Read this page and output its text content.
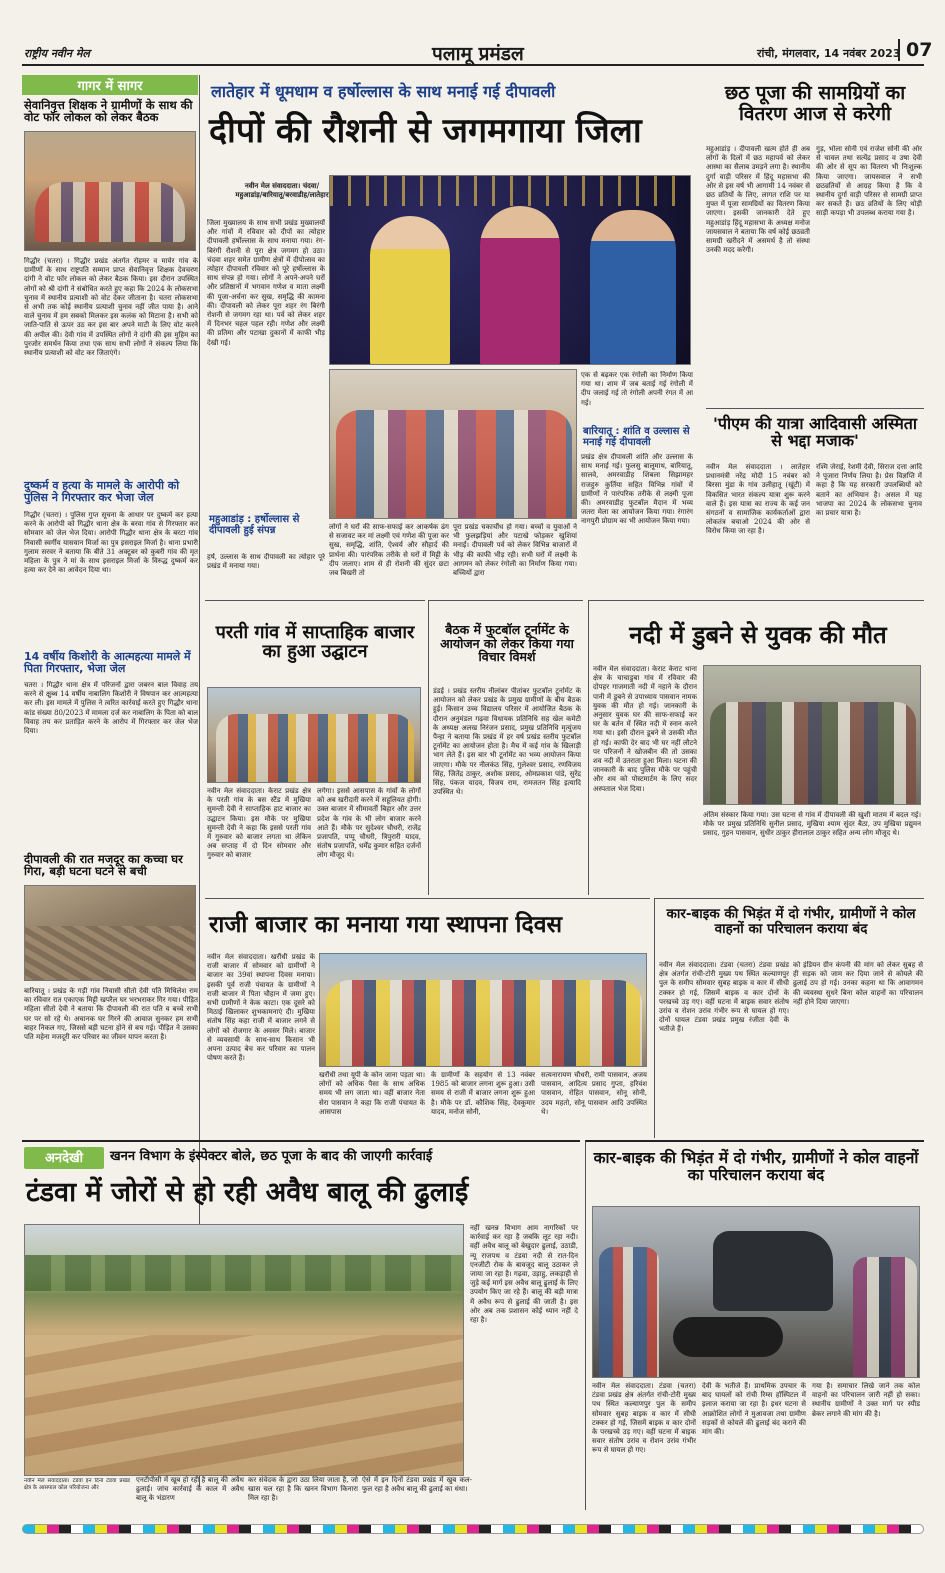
राष्ट्रीय नवीन मेल	पलामू प्रमंडल	रांची, मंगलवार, 14 नवंबर 2023 07
गागर में सागर
सेवानिवृत्त शिक्षक ने ग्रामीणों के साथ की वोट फॉर लोकल को लेकर बैठक
गिद्धौर (चतरा) । गिद्धौर प्रखंड अंतर्गत रोहमर व मायेर गांव के ग्रामीणों के साथ राष्ट्रपति सम्मान प्राप्त सेवानिवृत्त शिक्षक देवचरण दांगी ने वोट फॉर लोकल को लेकर बैठक किया। इस दौरान उपस्थित लोगों को श्री दांगी ने संबोधित करते हुए कहा कि 2024 के लोकसभा चुनाव में स्थानीय प्रत्याशी को वोट देकर जीताना है। चतरा लोकसभा से अभी तक कोई स्थानीय प्रत्याशी चुनाव नहीं जीत पाया है। आने वाले चुनाव में हम सबको मिलकर इस कलंक को मिटाना है। सभी को जाति-पाति से ऊपर उठ कर इस बार अपने माटी के लिए वोट करने की अपील की। देवी गांव में उपस्थित लोगों ने दांगी की इस मुहिम का पुरजोर समर्थन किया तथा एक साथ सभी लोगों ने संकल्प लिया कि स्थानीय प्रत्याशी को वोट कर जिताएंगे।
दुष्कर्म व हत्या के मामले के आरोपी को पुलिस ने गिरफ्तार कर भेजा जेल
गिद्धौर (चतरा) । पुलिस गुप्त सूचना के आधार पर दुष्कर्म कर हत्या करने के आरोपी को गिद्धौर थाना क्षेत्र के बरवा गांव से गिरफ्तार कर सोमवार को जेल भेज दिया। आरोपी गिद्धौर थाना क्षेत्र के बरटा गांव निवासी स्वर्गीय यासवान मिर्जा का पुत्र इसराइल मिर्जा है। थाना प्रभारी गुलाम सरवर ने बताया कि बीते 31 अक्टूबर को कुबरी गांव की मृत महिला के पुत्र ने मां के साथ इसराइल मिर्जा के विरुद्ध दुष्कर्म कर हत्या कर देने का आवेदन दिया था।
14 वर्षीय किशोरी के आत्महत्या मामले में पिता गिरफ्तार, भेजा जेल
चतरा । गिद्धौर थाना क्षेत्र में परिजनों द्वारा जबरन बाल विवाह तय करने से क्षुब्ध 14 वर्षीय नाबालिग किशोरी ने विषपान कर आत्महत्या कर ली। इस मामले में पुलिस ने त्वरित कार्रवाई करते हुए गिद्धौर थाना कांड संख्या 80/2023 में मामला दर्ज कर नाबालिग के पिता को बाल विवाह तय कर प्रताड़ित करने के आरोप में गिरफ्तार कर जेल भेज दिया।
दीपावली की रात मजदूर का कच्चा घर गिरा, बड़ी घटना घटने से बची
बारियातू । प्रखंड के गड़ी गांव निवासी सीतो देवी पति मिथिलेश राम का रविवार रात एकाएक मिट्टी खपरैल घर भरभराकर गिर गया। पीड़ित महिला सीतो देवी ने बताया कि दीपावली की रात पति व बच्चे सभी घर पर सो रहे थे। अचानक घर गिरने की आवाज सुनकर हम सभी बाहर निकल गए, जिससे बड़ी घटना होने से बच गई। पीड़ित ने उसका पति महेना मजदूरी कर परिवार का जीवन यापन करता है।
लातेहार में धूमधाम व हर्षोल्लास के साथ मनाई गई दीपावली
दीपों की रौशनी से जगमगाया जिला
नवीन मेल संवाददाता। चंदवा/महुआडांड़/बारियातू/बरवाडीह/लातेहार
जिला मुख्यालय के साथ सभी प्रखंड मुख्यालयों और गांवों में रविवार को दीपों का त्योहार दीपावली हर्षोल्लास के साथ मनाया गया। रंग-बिरंगी रौशनी से पूरा क्षेत्र जगमग हो उठा। चंदवा शहर समेत ग्रामीण क्षेत्रों में दीपोत्सव का त्योहार दीपावली रविवार को पूरे हर्षोल्लास के साथ संपन्न हो गया। लोगों ने अपने-अपने घरों और प्रतिष्ठानों में भगवान गणेश व माता लक्ष्मी की पूजा-अर्चना कर सुख, समृद्धि की कामना की। दीपावली को लेकर पूरा शहर रंग बिरंगी रोशनी से जगमग रहा था। पर्व को लेकर शहर में दिनभर चहल पहल रही। गणेश और लक्ष्मी की प्रतिमा और पटाखा दुकानों में काफी भीड़ देखी गई।
एक से बढ़कर एक रंगोली का निर्माण किया गया था। शाम में जब बताई गई रंगोली में दीप जलाई गई तो रंगोली अपनी रंगत में आ गई।
बारियातू : शांति व उल्लास से मनाई गई दीपावली
प्रखंड क्षेत्र दीपावली शांति और उल्लास के साथ मनाई गई। फुलसु बालूमाथ, बारियातू, सालवे, अमरवाडीह शिबला सिझामहर राजहुरु कुर्तिया सहित विभिन्न गांवों में ग्रामीणों ने पारंपरिक तरीके से लक्ष्मी पूजा की। अमरवाडीह फुटबॉल मैदान में भव्य जतरा मेला का आयोजन किया गया। रंगारंग नागपुरी प्रोग्राम का भी आयोजन किया गया।
महुआडांड़ : हर्षोल्लास से दीपावली हुई संपन्न
हर्ष, उल्लास के साथ दीपावली का त्योहार पूरे प्रखंड में मनाया गया।
लोगों ने घरों की साफ-सफाई कर आकर्षक ढंग से सजावट कर मां लक्ष्मी एवं गणेश की पूजा कर सुख, समृद्धि, शांति, ऐश्वर्य और सौहार्द की प्रार्थना की। पारंपरिक तरीके से घरों में मिट्टी के दीप जलाए। शाम से ही रोशनी की सुंदर छटा जब बिखरी तो
पूरा प्रखंड चकाचौंध हो गया। बच्चों व युवाओं ने भी फुलझड़ियां और पटाखे फोड़कर खुशियां मनाईं। दीपावली पर्व को लेकर विभिन्न बाजारों में भीड़ की काफी भीड़ रही। सभी घरों में लक्ष्मी के आगमन को लेकर रंगोली का निर्माण किया गया। बच्चियों द्वारा
छठ पूजा की सामग्रियों का वितरण आज से करेगी
महुआडांड़ । दीपावली खत्म होते ही अब लोगों के दिलों में छठ महापर्व को लेकर आस्था का सैलाब उमड़ने लगा है। स्थानीय दुर्गा वाड़ी परिसर में हिंदू महासभा की ओर से इस वर्ष भी आगामी 14 नवंबर से छठ व्रतियों के लिए, लागत राशि पर या मुफ्त में पूजा सामग्रियों का वितरण किया जाएगा। इसकी जानकारी देते हुए महुआडांड़ हिंदू महासभा के अध्यक्ष मनोज जायसवाल ने बताया कि वर्ष कोई छठव्रती सामग्री खरीदने में असमर्थ है तो संस्था उनकी मदद करेगी।
गुड़, भोला सोनी एवं राजेश सोनी की ओर से चावल तथा सत्येंद्र प्रसाद व उषा देवी की ओर से सूप का वितरण भी निःशुल्क किया जाएगा। जायसवाल ने सभी छठव्रतियों से आग्रह किया है कि वे स्थानीय दुर्गा वाड़ी परिसर से सामग्री प्राप्त कर सकते हैं। छठ व्रतियों के लिए थोड़ी साड़ी कपड़ा भी उपलब्ध कराया गया है।
'पीएम की यात्रा आदिवासी अस्मिता से भद्दा मजाक'
नवीन मेल संवाददाता । लातेहार प्रधानमंत्री नरेंद्र मोदी 15 नवंबर को बिरसा मुंडा के गांव उलीहातू (खूंटी) में विकसित भारत संकल्प यात्रा शुरू करने वाले हैं। इस यात्रा का राज्य के कई जन संगठनों व सामाजिक कार्यकर्ताओं द्वारा लोकतंत्र बचाओ 2024 की ओर से विरोध किया जा रहा है।
रश्मि जेराई, रेशमी देवी, सिराज दत्ता आदि ने पूजारा निर्णय लिया है। प्रेस विज्ञप्ति में कहा है कि यह सरकारी उपलब्धियों को बताने का अभियान है। असल में यह भाजपा का 2024 के लोकसभा चुनाव का प्रचार यात्रा है।
परती गांव में साप्ताहिक बाजार का हुआ उद्घाटन
नवीन मेल संवाददाता। केराट प्रखंड क्षेत्र के परती गांव के बस स्टैंड में मुखिया सुमन्ती देवी ने साप्ताहिक हाट बाजार का उद्घाटन किया। इस मौके पर मुखिया सुमन्ती देवी ने कहा कि इससे परती गांव में गुरुवार को बाजार लगता था लेकिन अब सप्ताह में दो दिन सोमवार और गुरुवार को बाजार
लगेगा। इससे आसपास के गांवों के लोगों को अब खरीदारी करने में सहूलियत होगी। उक्त बाजार में सीमावर्ती बिहार और उत्तर प्रदेश के गांव के भी लोग बाजार करने आते हैं। मौके पर सुदेश्वर चौधरी, राजेंद्र प्रजापति, पप्पू चौधरी, त्रिपुरारी यादव, संतोष प्रजापति, धर्मेंद्र कुमार सहित दर्जनों लोग मौजूद थे।
बैठक में फुटबॉल टूर्नामेंट के आयोजन को लेकर किया गया विचार विमर्श
डंडई । प्रखंड स्तरीय नीलांबर पीतांबर फुटबॉल टूर्नामेंट के आयोजन को लेकर प्रखंड के प्रमुख ग्रामीणों के बीच बैठक हुई। किसान उच्च विद्यालय परिसर में आयोजित बैठक के दौरान अनुमंडल गढ़वा विधायक प्रतिनिधि सह खेल कमेटी के अध्यक्ष अलख निरंजन प्रसाद, प्रमुख प्रतिनिधि मृत्युंजय पैन्हा ने बताया कि प्रखंड में हर वर्ष प्रखंड स्तरीय फुटबॉल टूर्नामेंट का आयोजन होता है। मैच में कई गांव के खिलाड़ी भाग लेते हैं। इस बार भी टूर्नामेंट का भव्य आयोजन किया जाएगा। मौके पर नीलकंठ सिंह, गुलेश्वर प्रसाद, रणविजय सिंह, जितेंद्र ठाकुर, अशोक प्रसाद, ओमप्रकाश पांडे, सुरेंद्र सिंह, पंकज यादव, विजय राम, रामजतन सिंह इत्यादि उपस्थित थे।
नदी में डुबने से युवक की मौत
नवीन मेल संवाददाता। केराट केराट थाना क्षेत्र के चाचाडुबा गांव में रविवार की दोपहर गाजमाती नदी में नहाने के दौरान पानी में डूबने से उपाध्याय पासवान नामक युवक की मौत हो गई। जानकारी के अनुसार युवक घर की साफ-सफाई कर घर के बर्तन में स्थित नदी में स्नान करने गया था। इसी दौरान डूबने से उसकी मौत हो गई। काफी देर बाद भी घर नहीं लौटने पर परिजनों ने खोजबीन की तो उसका शव नदी में उतराता हुआ मिला। घटना की जानकारी के बाद पुलिस मौके पर पहुंची और शव को पोस्टमार्टम के लिए सदर अस्पताल भेज दिया।
अंतिम संस्कार किया गया। उस घटना से गांव में दीपावली की खुशी मातम में बदल गई। मौके पर प्रमुख प्रतिनिधि सुनील प्रसाद, मुखिया श्याम सुंदर बैठा, उप मुखिया प्रद्युमन प्रसाद, गुहन पासवान, सुधीर ठाकुर हीरालाल ठाकुर सहित अन्य लोग मौजूद थे।
राजी बाजार का मनाया गया स्थापना दिवस
नवीन मेल संवाददाता। खरौंधी प्रखंड के राजी बाजार में सोमवार को ग्रामीणों ने बाजार का 39वां स्थापना दिवस मनाया। इसकी पूर्व राजी पंचायत के ग्रामीणों ने राजी बाजार में पिता चौहान में जमा हुए। सभी ग्रामीणों ने केक काटा। एक दूसरे को मिठाई खिलाकर शुभकामनाएं दी। मुखिया संतोष सिंह कहा राजी में बाजार लगने से लोगों को रोजगार के अवसर मिले। बाजार से व्यवसायी के साथ-साथ किसान भी अपना उत्पाद बेच कर परिवार का पालन पोषण करते हैं।
खरौंधी तथा यूपी के कोन जाना पड़ता था। लोगों को अधिक पैसा के साथ अधिक समय भी लग जाता था। वहीं बाजार नेता सेरा पासवान ने कहा कि राजी पंचायत के आसपास
के ग्रामीणों के सहयोग से 13 नवंबर 1985 को बाजार लगना शुरू हुआ। उसी समय से राजी में बाजार लगना शुरू हुआ है। मौके पर डॉ. कौशिक सिंह, देवकुमार यादव, मनोज सोनी,
सत्यनारायण चौधरी, रामी पासवान, अजय पासवान, आदित्य प्रसाद गुप्ता, हरिवंश पासवान, रोहित पासवान, सोनू सोनी, उदय महतो, सोनू पासवान आदि उपस्थित थे।
कार-बाइक की भिड़ंत में दो गंभीर, ग्रामीणों ने कोल वाहनों का परिचालन कराया बंद
नवीन मेल संवाददाता। टंडवा (चतरा) टंडवा प्रखंड क्षेत्र अंतर्गत रांची-टोरी मुख्य पथ स्थित कल्याणपुर पुल के समीप सोमवार सुबह बाइक व कार में सीधी टक्कर हो गई, जिसमें बाइक व कार दोनों के परखच्चे उड़ गए। वहीं घटना में बाइक सवार संतोष उरांव व रोशन उरांव गंभीर रूप से घायल हो गए। दोनों घायल टंडवा प्रखंड प्रमुख रंजीता देवी के भतीजे हैं।
को इंडियन ग्रीन कंपनी की मांग को लेकर सुबह से ही सड़क को जाम कर दिया जाने से कोयले की ढुलाई ठप हो गई। उनका कहना था कि आवागमन की व्यवस्था सुधरे बिना कोल वाहनों का परिचालन नहीं होने दिया जाएगा।
अनदेखी	खनन विभाग के इंस्पेक्टर बोले, छठ पूजा के बाद की जाएगी कार्रवाई
टंडवा में जोरों से हो रही अवैध बालू की ढुलाई
नहीं खनन्न विभाग आम नागरिकों पर कार्रवाई कर रहा है जबकि लूट रहा नदी। वहीं अवैध बालू को बेखुदार ढुलाई, उठाडी, न्यू राजपथ व टंडवा नदी से रात-दिन एनजीटी रोक के बावजूद बालू उठाकर ले जाया जा रहा है। गढ़वा, उड़ाहु, लकड़ाही से जुड़े कई मार्ग इस अवैध बालू ढुलाई के लिए उपयोग किए जा रहे हैं। बालू की बड़ी मात्रा में अवैध रूप से ढुलाई की जाती है। इस ओर अब तक प्रशासन कोई ध्यान नहीं दे रहा है।
नवीन मेल संवाददाता। टंडवा इन दिनों टंडवा प्रखंड क्षेत्र के आसपाल कोल परियोजना और
एनटीपीसी में खूब हो रही है बालू की अवैध ढुलाई। जांच कार्रवाई के काल में अवैध बालू के भंडारण
कर संवेदक के द्वारा उठा लिया जाता है, जो खास चल रहा है कि खनन विभाग किनारा मिल रहा है।
ऐसे में इन दिनों टंडवा प्रखंड में खुब कल-फुल रहा है अवैध बालू की ढुलाई का धंधा।
कार-बाइक की भिड़ंत में दो गंभीर, ग्रामीणों ने कोल वाहनों का परिचालन कराया बंद
नवीन मेल संवाददाता। टंडवा (चतरा) टंडवा प्रखंड क्षेत्र अंतर्गत रांची-टोरी मुख्य पथ स्थित कल्याणपुर पुल के समीप सोमवार सुबह बाइक व कार में सीधी टक्कर हो गई, जिसमें बाइक व कार दोनों के परखच्चे उड़ गए। वहीं घटना में बाइक सवार संतोष उरांव व रोशन उरांव गंभीर रूप से घायल हो गए।
देवी के भतीजे हैं। प्राथमिक उपचार के बाद घायलों को रांची रिम्स हॉस्पिटल में इलाज कराया जा रहा है। इधर घटना से आक्रोशित लोगों ने मुआवजा तथा ग्रामीण सड़कों से कोयले की ढुलाई बंद कराने की मांग की।
गया है। समाचार लिखे जाने तक कोल वाहनों का परिचालन जारी नहीं हो सका। स्थानीय ग्रामीणों ने उक्त मार्ग पर स्पीड ब्रेकर लगाने की मांग की है।
